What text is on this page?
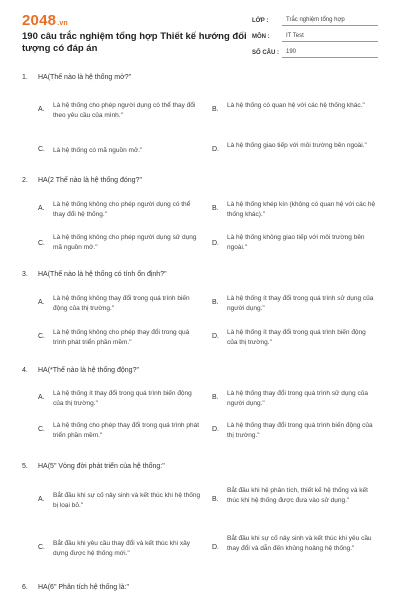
2048.vn
190 câu trắc nghiệm tổng hợp Thiết kế hướng đối tượng có đáp án
LỚP :	Trắc nghiệm tổng hợp
MÔN :	IT Test
SỐ CÂU :	190
1. HA(Thế nào là hệ thống mở?"
A.
Là hệ thống cho phép người dụng có thể thay đổi theo yêu cầu của mình."
B.
Là hệ thống có quan hệ với các hệ thống khác."
C. Là hệ thống có mã nguồn mở."	D.
Là hệ thống giao tiếp với môi trường bên ngoài."
2. HA(2 Thế nào là hệ thống đóng?"
A.
Là hệ thống không cho phép người dụng có thể thay đổi hệ thống."
B.
Là hệ thống khép kín (không có quan hệ với các hệ thống khác)."
C.
Là hệ thống không cho phép người dụng sử dụng mã nguồn mở."
D.
Là hệ thống không giao tiếp với môi trường bên ngoài."
3. HA(Thế nào là hệ thống có tính ổn định?"
A.
Là hệ thống không thay đổi trong quá trình biến động của thị trường."
B.
Là hệ thống ít thay đổi trong quá trình sử dụng của người dụng."
C.
Là hệ thống không cho phép thay đổi trong quá trình phát triển phần mềm."
D.
Là hệ thống ít thay đổi trong quá trình biến động của thị trường."
4. HA(*Thế nào là hệ thống động?"
A.
Là hệ thống ít thay đổi trong quá trình biến động của thị trường."
B.
Là hệ thống thay đổi trong quá trình sử dụng của người dụng."
C.
Là hệ thống cho phép thay đổi trong quá trình phát triển phần mềm."
D.
Là hệ thống thay đổi trong quá trình biến động của thị trường."
5. HA(5" Vòng đời phát triển của hệ thống:"
A.
Bắt đầu khi sự cố nảy sinh và kết thúc khi hệ thống bị loại bỏ."
B.
Bắt đầu khi hệ phân tích, thiết kế hệ thống và kết thúc khi hệ thống được đưa vào sử dụng."
C.
Bắt đầu khi yêu cầu thay đổi và kết thúc khi xây dựng được hệ thống mới."
D.
Bắt đầu khi sự cố nảy sinh và kết thúc khi yêu cầu thay đổi và dẫn đến khủng hoảng hệ thống."
6. HA(6" Phân tích hệ thống là:"
